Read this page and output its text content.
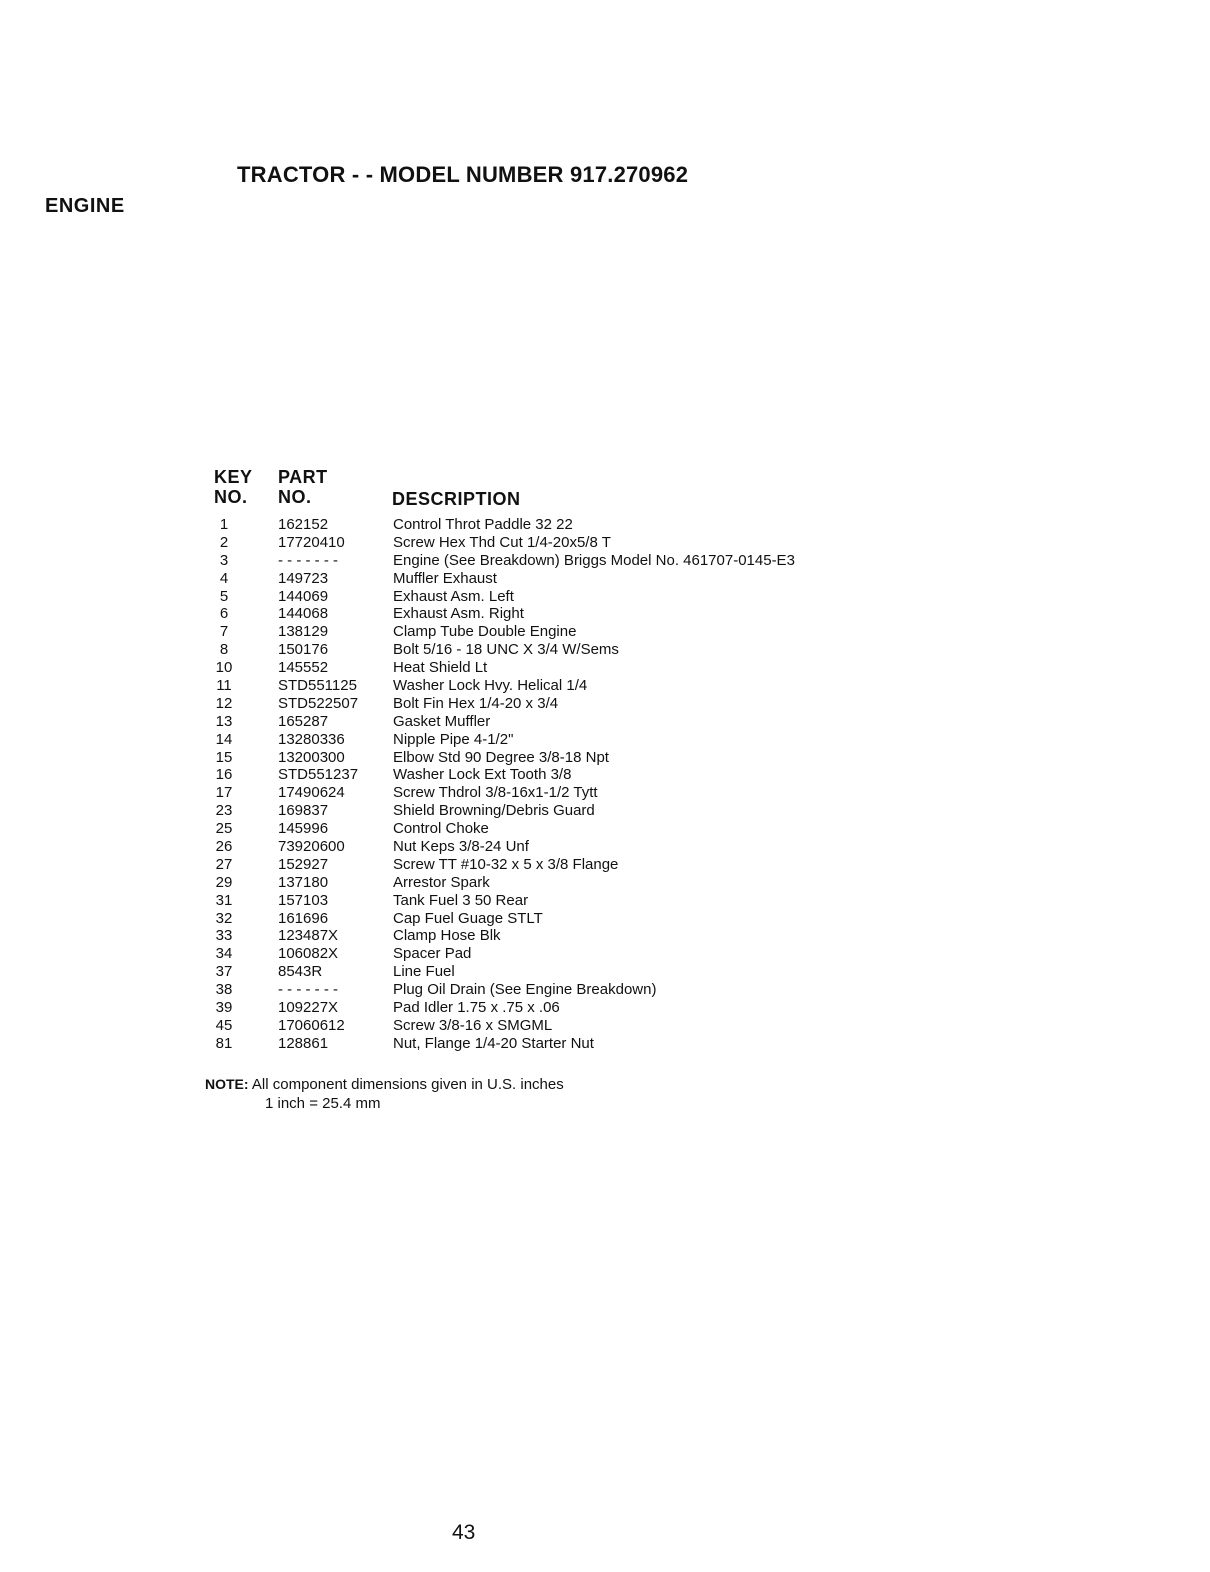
TRACTOR - - MODEL NUMBER 917.270962
ENGINE
KEY
NO.
PART
NO.	DESCRIPTION
1	162152	Control Throt Paddle 32 22
2	17720410	Screw Hex Thd Cut 1/4-20x5/8 T
3	- - - - - - -	Engine (See Breakdown) Briggs Model No. 461707-0145-E3
4	149723	Muffler Exhaust
5	144069	Exhaust Asm. Left
6	144068	Exhaust Asm. Right
7	138129	Clamp Tube Double Engine
8	150176	Bolt 5/16 - 18 UNC X 3/4 W/Sems
10	145552	Heat Shield Lt
11	STD551125 Washer Lock Hvy. Helical 1/4
12	STD522507 Bolt Fin Hex 1/4-20 x 3/4
13	165287	Gasket Muffler
14	13280336	Nipple Pipe 4-1/2"
15	13200300	Elbow Std 90 Degree 3/8-18 Npt
16	STD551237 Washer Lock Ext Tooth 3/8
17	17490624	Screw Thdrol 3/8-16x1-1/2 Tytt
23	169837	Shield Browning/Debris Guard
25	145996	Control Choke
26	73920600	Nut Keps 3/8-24 Unf
27	152927	Screw TT #10-32 x 5 x 3/8 Flange
29	137180	Arrestor Spark
31	157103	Tank Fuel 3 50 Rear
32	161696	Cap Fuel Guage STLT
33	123487X	Clamp Hose Blk
34	106082X	Spacer Pad
37	8543R	Line Fuel
38	- - - - - - -	Plug Oil Drain (See Engine Breakdown)
39	109227X	Pad Idler 1.75 x .75 x .06
45	17060612	Screw 3/8-16 x SMGML
81	128861	Nut, Flange 1/4-20 Starter Nut
NOTE: All component dimensions given in U.S. inches
1 inch = 25.4 mm
43
